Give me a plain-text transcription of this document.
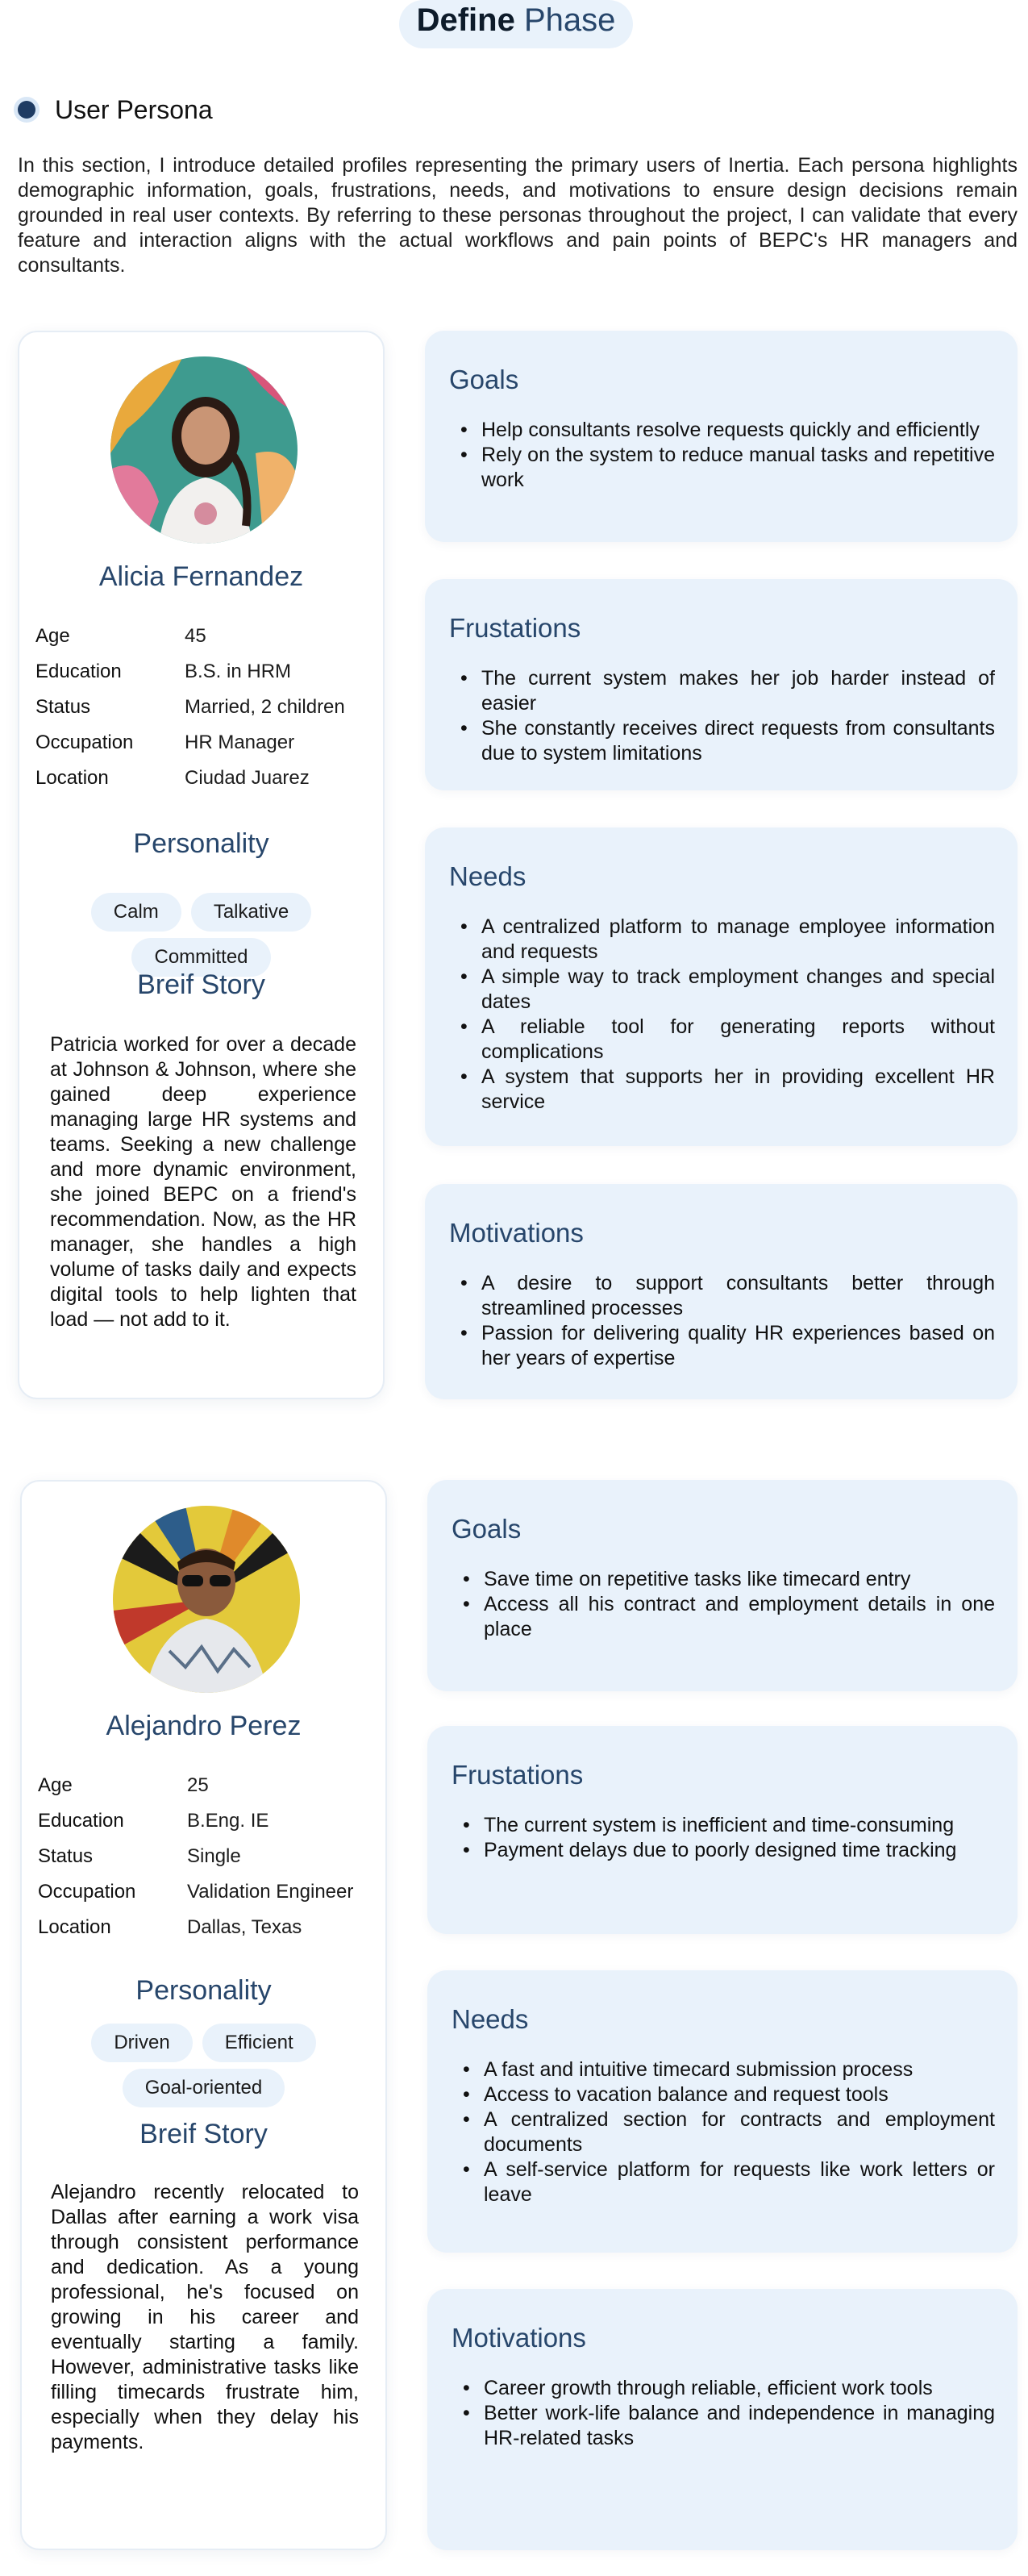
Define Phase
User Persona

In this section, I introduce detailed profiles representing the primary users of Inertia. Each persona highlights demographic information, goals, frustrations, needs, and motivations to ensure design decisions remain grounded in real user contexts. By referring to these personas throughout the project, I can validate that every feature and interaction aligns with the actual workflows and pain points of BEPC's HR managers and consultants.

Alicia Fernandez
Age	45
Education	B.S. in HRM
Status	Married, 2 children
Occupation	HR Manager
Location	Ciudad Juarez
Personality
Calm	Talkative
Committed
Breif Story

Patricia worked for over a decade at Johnson & Johnson, where she gained deep experience managing large HR systems and teams. Seeking a new challenge and more dynamic environment, she joined BEPC on a friend's recommendation. Now, as the HR manager, she handles a high volume of tasks daily and expects digital tools to help lighten that load — not add to it.

Goals
• Help consultants resolve requests quickly and efficiently
• Rely on the system to reduce manual tasks and repetitive work
Frustations
• The current system makes her job harder instead of easier
• She constantly receives direct requests from consultants due to system limitations
Needs
• A centralized platform to manage employee information and requests
• A simple way to track employment changes and special dates
• A reliable tool for generating reports without complications
• A system that supports her in providing excellent HR service
Motivations
• A desire to support consultants better through streamlined processes
• Passion for delivering quality HR experiences based on her years of expertise
Alejandro Perez
Age	25
Education	B.Eng. IE
Status	Single
Occupation	Validation Engineer
Location	Dallas, Texas
Personality
Driven	Efficient
Goal-oriented
Breif Story

Alejandro recently relocated to Dallas after earning a work visa through consistent performance and dedication. As a young professional, he's focused on growing in his career and eventually starting a family. However, administrative tasks like filling timecards frustrate him, especially when they delay his payments.

Goals
• Save time on repetitive tasks like timecard entry
• Access all his contract and employment details in one place
Frustations
• The current system is inefficient and time-consuming
• Payment delays due to poorly designed time tracking
Needs
• A fast and intuitive timecard submission process
• Access to vacation balance and request tools
• A centralized section for contracts and employment documents
• A self-service platform for requests like work letters or leave
Motivations
• Career growth through reliable, efficient work tools
• Better work-life balance and independence in managing HR-related tasks
